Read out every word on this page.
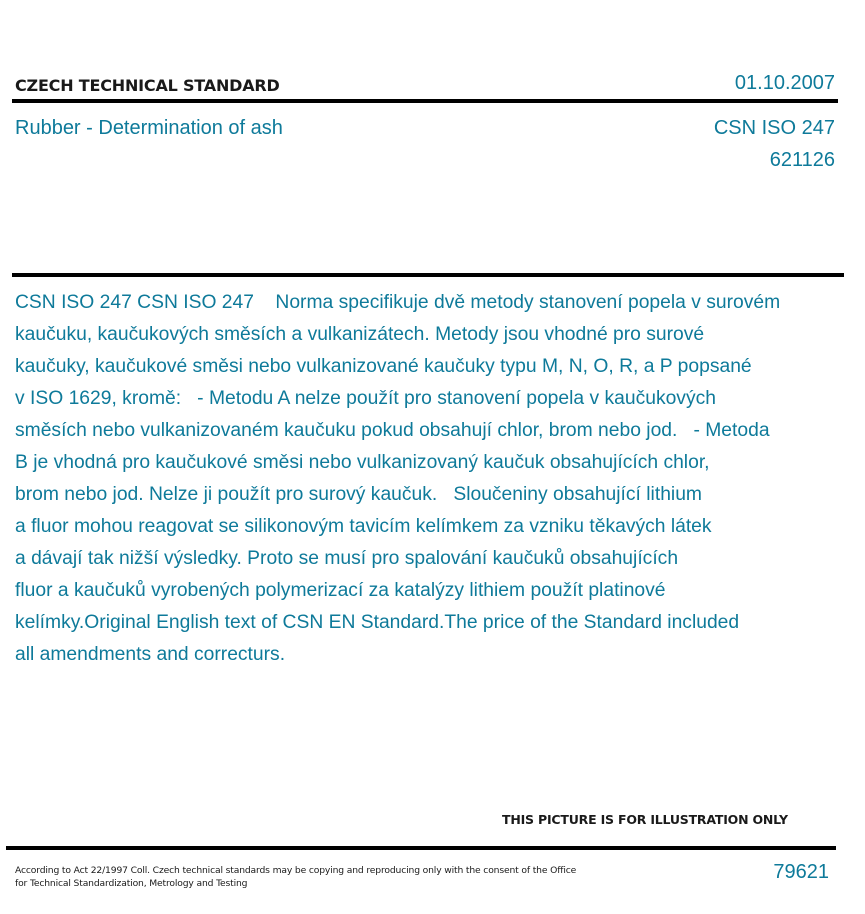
CZECH TECHNICAL STANDARD	01.10.2007
Rubber - Determination of ash	CSN ISO 247
621126
CSN ISO 247 CSN ISO 247    Norma specifikuje dvě metody stanovení popela v surovém
kaučuku, kaučukových směsích a vulkanizátech. Metody jsou vhodné pro surové
kaučuky, kaučukové směsi nebo vulkanizované kaučuky typu M, N, O, R, a P popsané
v ISO 1629, kromě:   - Metodu A nelze použít pro stanovení popela v kaučukových
směsích nebo vulkanizovaném kaučuku pokud obsahují chlor, brom nebo jod.   - Metoda
B je vhodná pro kaučukové směsi nebo vulkanizovaný kaučuk obsahujících chlor,
brom nebo jod. Nelze ji použít pro surový kaučuk.   Sloučeniny obsahující lithium
a fluor mohou reagovat se silikonovým tavicím kelímkem za vzniku těkavých látek
a dávají tak nižší výsledky. Proto se musí pro spalování kaučuků obsahujících
fluor a kaučuků vyrobených polymerizací za katalýzy lithiem použít platinové
kelímky.Original English text of CSN EN Standard.The price of the Standard included
all amendments and correcturs.
THIS PICTURE IS FOR ILLUSTRATION ONLY
According to Act 22/1997 Coll. Czech technical standards may be copying and reproducing only with the consent of the Office
for Technical Standardization, Metrology and Testing
79621
